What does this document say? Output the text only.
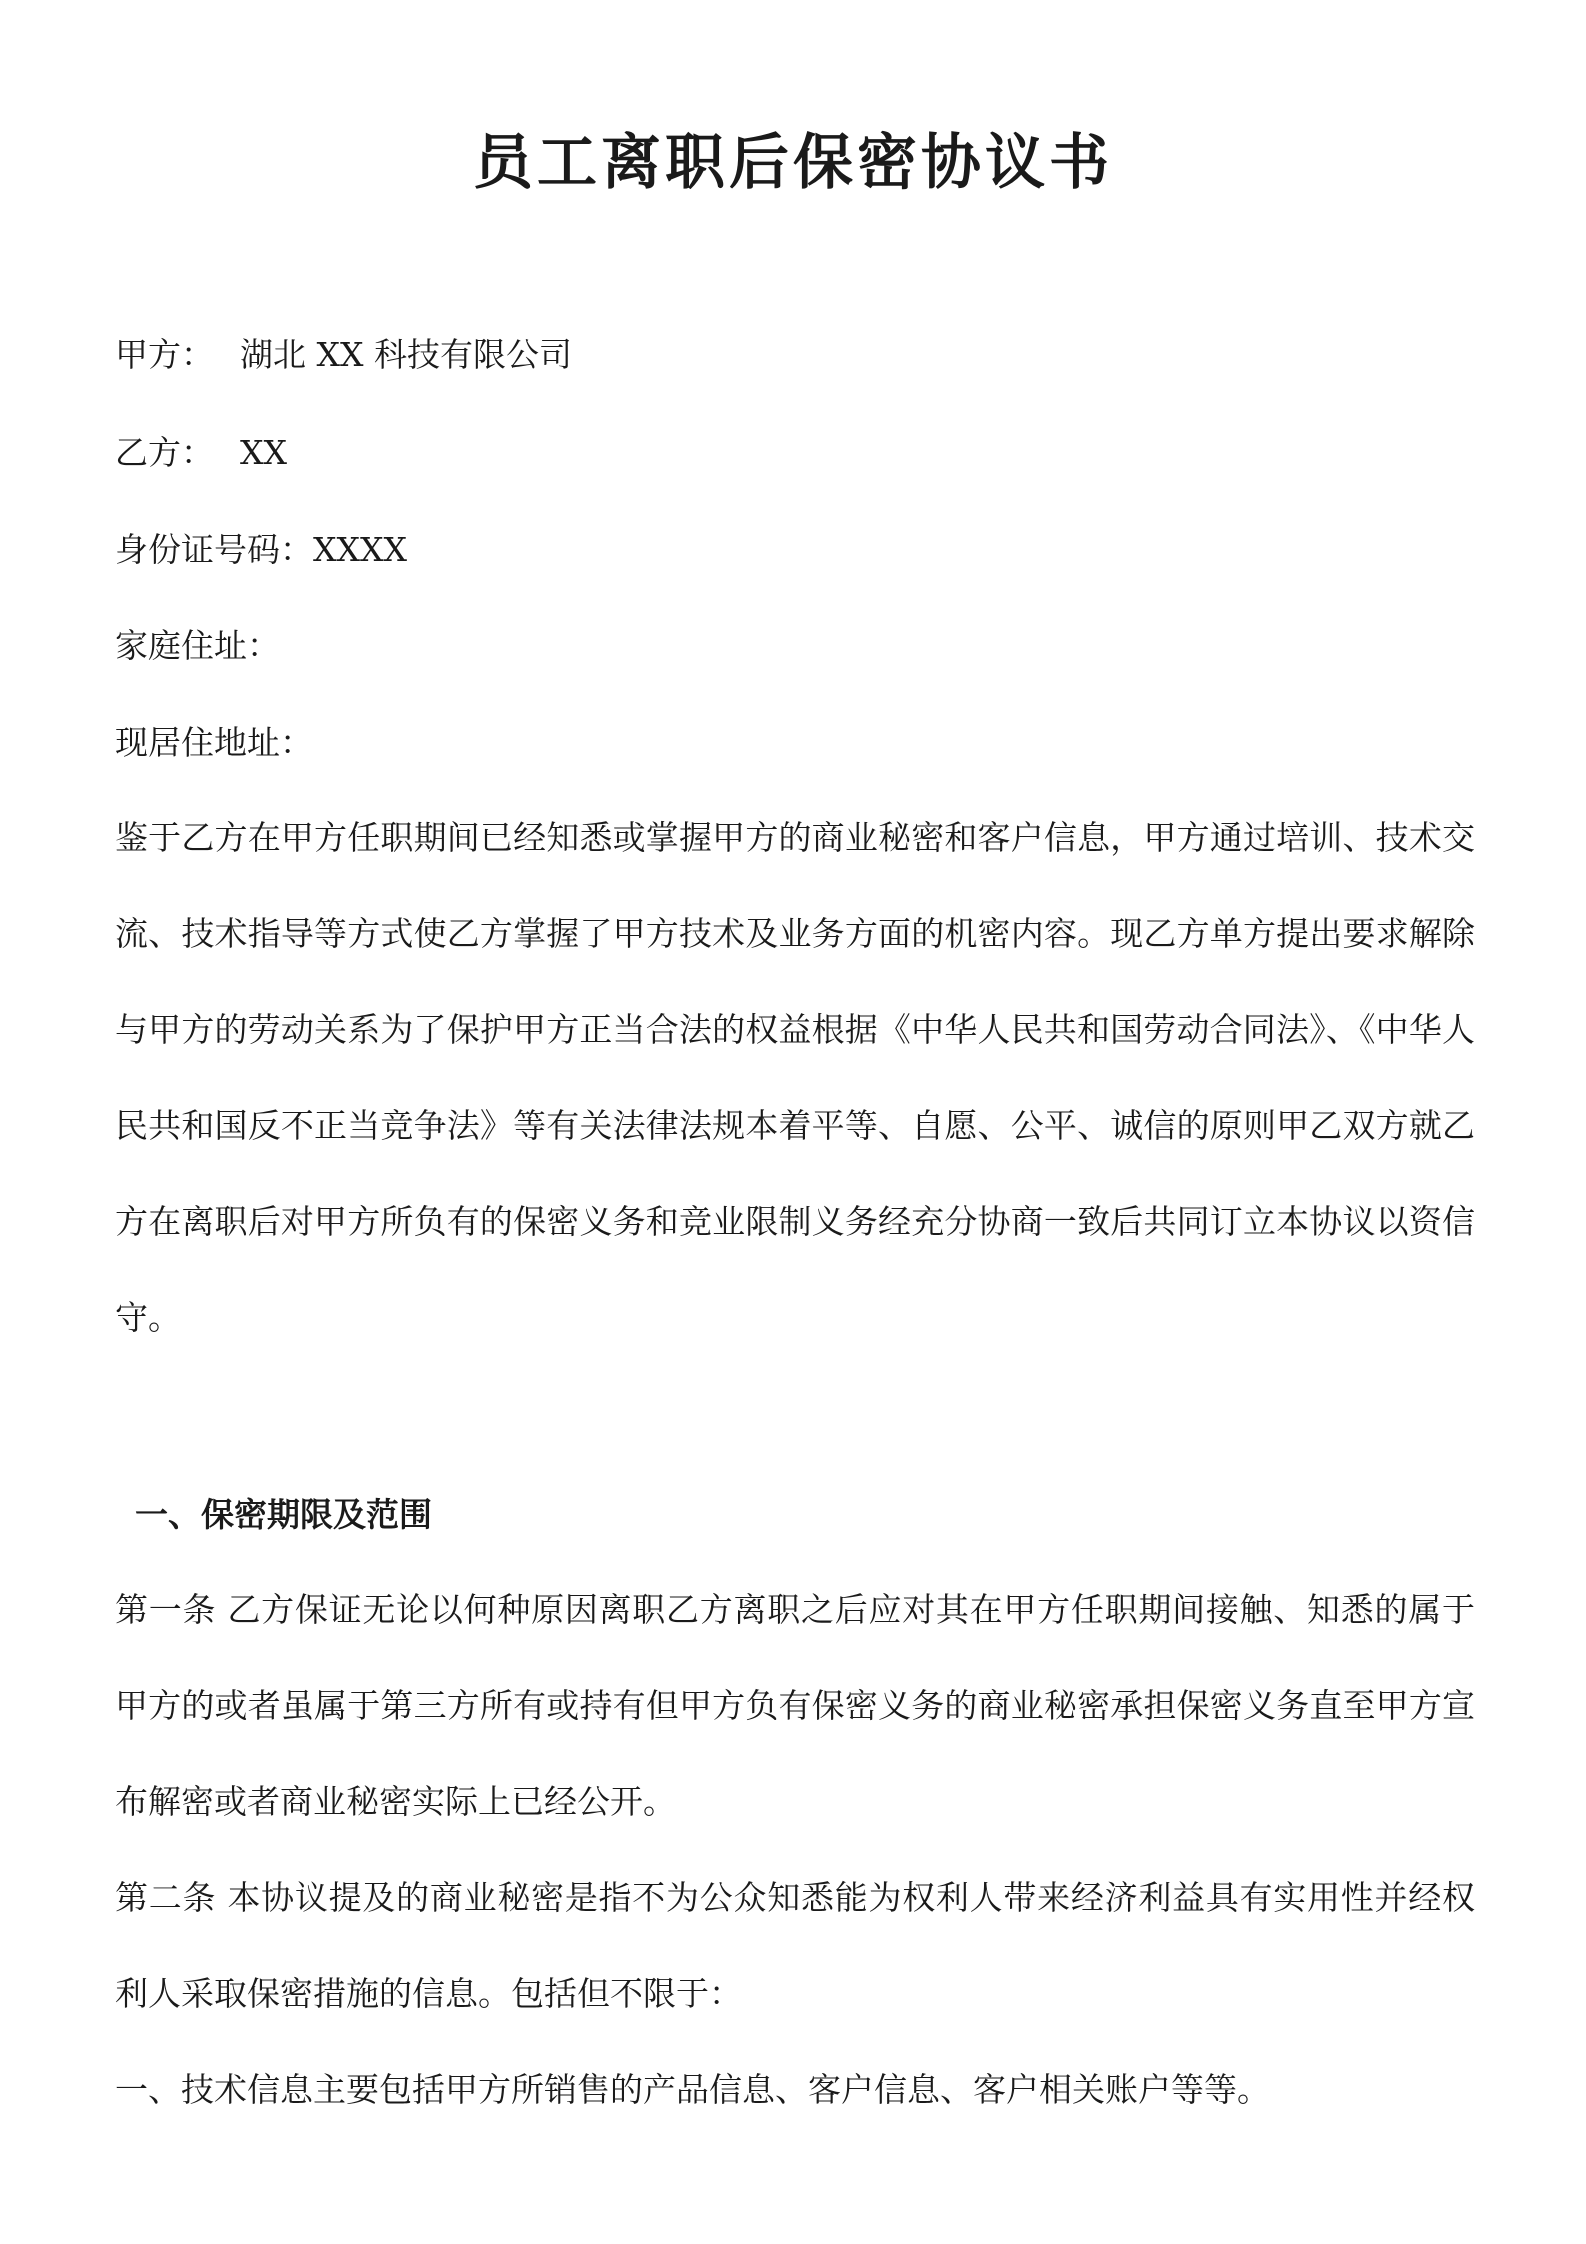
员工离职后保密协议书
甲方： 湖北 XX 科技有限公司
乙方： XX
身份证号码：XXXX
家庭住址：
现居住地址：
鉴于乙方在甲方任职期间已经知悉或掌握甲方的商业秘密和客户信息，甲方通过培训、技术交流、技术指导等方式使乙方掌握了甲方技术及业务方面的机密内容。现乙方单方提出要求解除与甲方的劳动关系为了保护甲方正当合法的权益根据《中华人民共和国劳动合同法》、《中华人民共和国反不正当竞争法》等有关法律法规本着平等、自愿、公平、诚信的原则甲乙双方就乙方在离职后对甲方所负有的保密义务和竞业限制义务经充分协商一致后共同订立本协议以资信守。
一、保密期限及范围
第一条 乙方保证无论以何种原因离职乙方离职之后应对其在甲方任职期间接触、知悉的属于甲方的或者虽属于第三方所有或持有但甲方负有保密义务的商业秘密承担保密义务直至甲方宣布解密或者商业秘密实际上已经公开。
第二条 本协议提及的商业秘密是指不为公众知悉能为权利人带来经济利益具有实用性并经权利人采取保密措施的信息。包括但不限于：
一、技术信息主要包括甲方所销售的产品信息、客户信息、客户相关账户等等。
